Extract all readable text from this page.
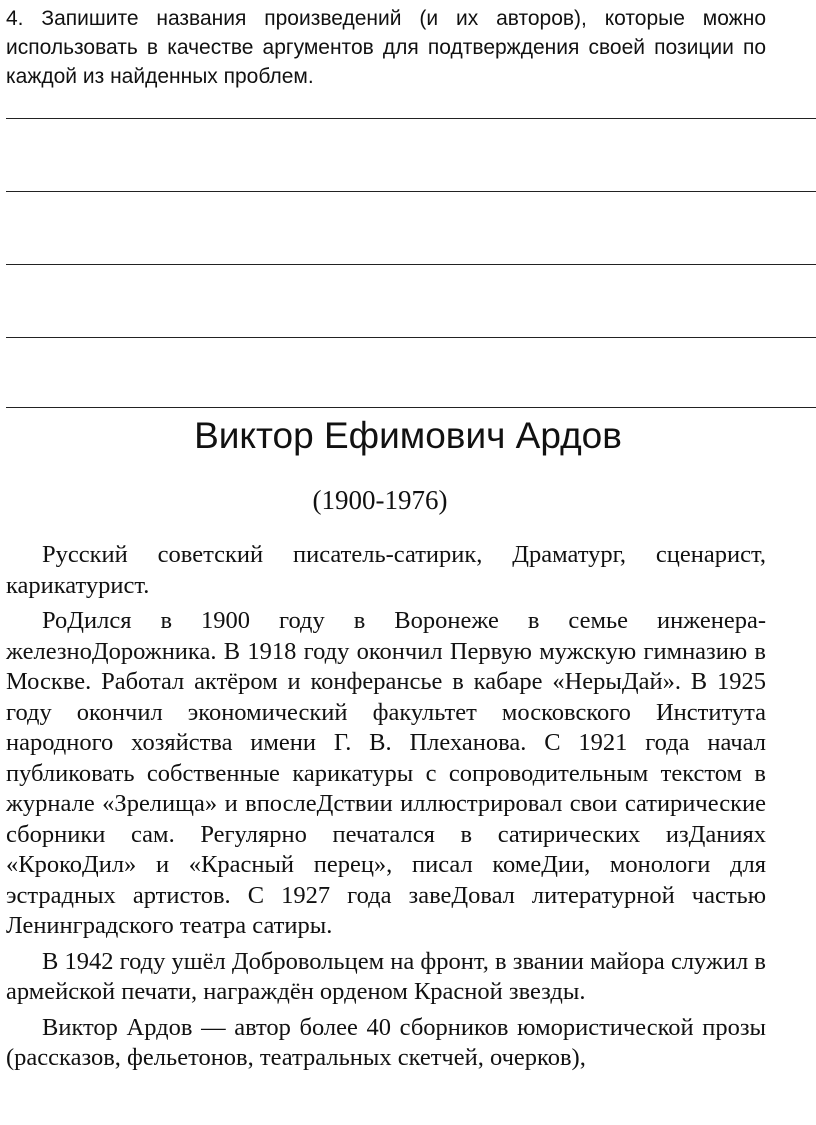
4. Запишите названия произведений (и их авторов), которые можно использовать в качестве аргументов для подтверждения своей позиции по каждой из найденных проблем.

Виктор Ефимович Ардов
(1900-1976)

Русский советский писатель-сатирик, Драматург, сценарист, карикатурист.

РоДился в 1900 году в Воронеже в семье инженера-железноДорожника. В 1918 году окончил Первую мужскую гимназию в Москве. Работал актёром и конферансье в кабаре «НерыДай». В 1925 году окончил экономический факультет московского Института народного хозяйства имени Г. В. Плеханова. С 1921 года начал публиковать собственные карикатуры с сопроводительным текстом в журнале «Зрелища» и впослеДствии иллюстрировал свои сатирические сборники сам. Регулярно печатался в сатирических изДаниях «КрокоДил» и «Красный перец», писал комеДии, монологи для эстрадных артистов. С 1927 года завеДовал литературной частью Ленинградского театра сатиры.

В 1942 году ушёл Добровольцем на фронт, в звании майора служил в армейской печати, награждён орденом Красной звезды.

Виктор Ардов — автор более 40 сборников юмористической прозы (рассказов, фельетонов, театральных скетчей, очерков),
